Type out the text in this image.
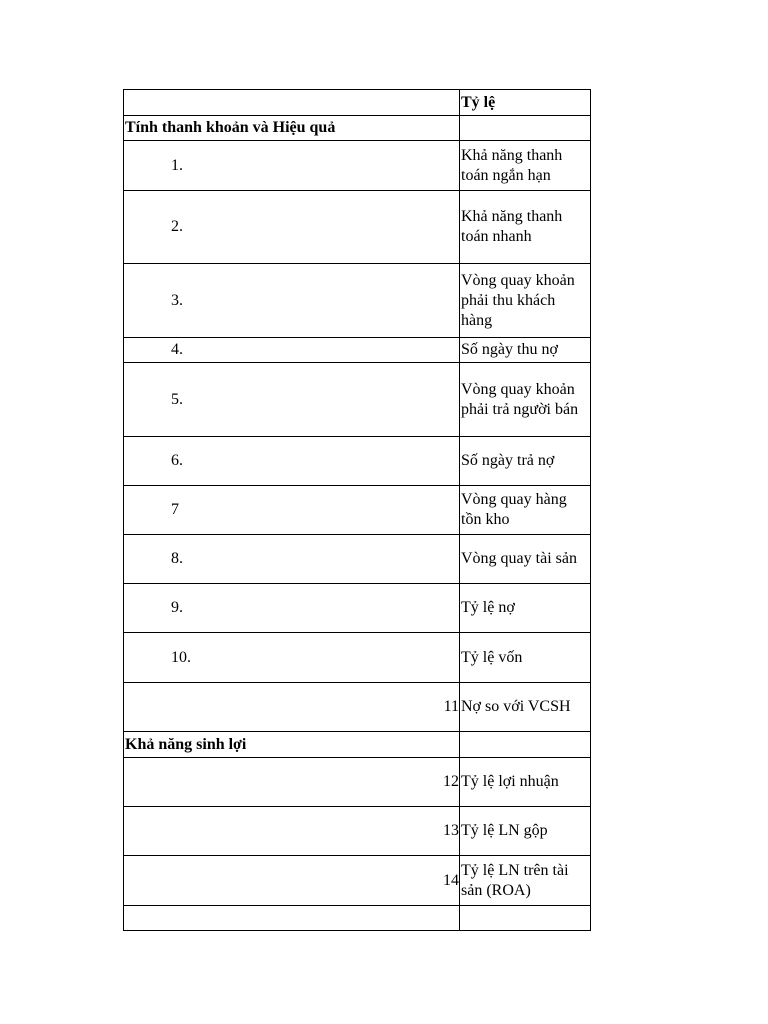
	Tỷ lệ
Tính thanh khoản và Hiệu quả	
1.	Khả năng thanh toán ngắn hạn
2.	Khả năng thanh toán nhanh
3.	Vòng quay khoản phải thu khách hàng
4.	Số ngày thu nợ
5.	Vòng quay khoản phải trả người bán
6.	Số ngày trả nợ
7	Vòng quay hàng tồn kho
8.	Vòng quay tài sản
9.	Tỷ lệ nợ
10.	Tỷ lệ vốn
11	Nợ so với VCSH
Khả năng sinh lợi	
12	Tỷ lệ lợi nhuận
13	Tỷ lệ LN gộp
14	Tỷ lệ LN trên tài sản (ROA)
